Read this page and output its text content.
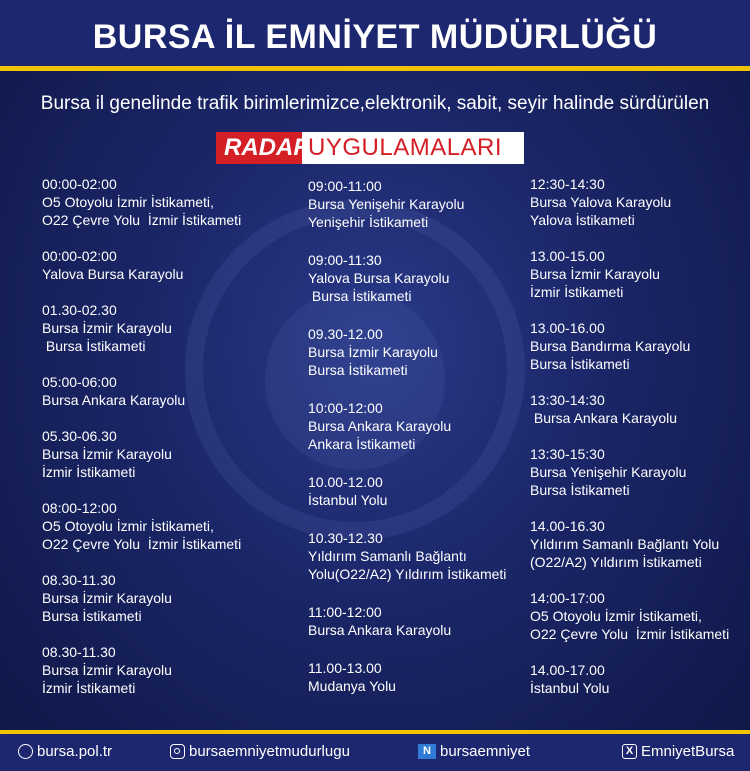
BURSA İL EMNİYET MÜDÜRLÜĞÜ
Bursa il genelinde trafik birimlerimizce,elektronik, sabit, seyir halinde sürdürülen
RADAR
UYGULAMALARI
00:00-02:00
O5 Otoyolu İzmir İstikameti,
O22 Çevre Yolu  İzmir İstikameti
00:00-02:00
Yalova Bursa Karayolu
01.30-02.30
Bursa İzmir Karayolu
Bursa İstikameti
05:00-06:00
Bursa Ankara Karayolu
05.30-06.30
Bursa İzmir Karayolu
İzmir İstikameti
08:00-12:00
O5 Otoyolu İzmir İstikameti,
O22 Çevre Yolu  İzmir İstikameti
08.30-11.30
Bursa İzmir Karayolu
Bursa İstikameti
08.30-11.30
Bursa İzmir Karayolu
İzmir İstikameti
09:00-11:00
Bursa Yenişehir Karayolu
Yenişehir İstikameti
09:00-11:30
Yalova Bursa Karayolu
Bursa İstikameti
09.30-12.00
Bursa İzmir Karayolu
Bursa İstikameti
10:00-12:00
Bursa Ankara Karayolu
Ankara İstikameti
10.00-12.00
İstanbul Yolu
10.30-12.30
Yıldırım Samanlı Bağlantı
Yolu(O22/A2) Yıldırım İstikameti
11:00-12:00
Bursa Ankara Karayolu
11.00-13.00
Mudanya Yolu
12:30-14:30
Bursa Yalova Karayolu
Yalova İstikameti
13.00-15.00
Bursa İzmir Karayolu
İzmir İstikameti
13.00-16.00
Bursa Bandırma Karayolu
Bursa İstikameti
13:30-14:30
Bursa Ankara Karayolu
13:30-15:30
Bursa Yenişehir Karayolu
Bursa İstikameti
14.00-16.30
Yıldırım Samanlı Bağlantı Yolu
(O22/A2) Yıldırım İstikameti
14:00-17:00
O5 Otoyolu İzmir İstikameti,
O22 Çevre Yolu  İzmir İstikameti
14.00-17.00
İstanbul Yolu
bursa.pol.tr	bursaemniyetmudurlugu	N bursaemniyet	X EmniyetBursa
